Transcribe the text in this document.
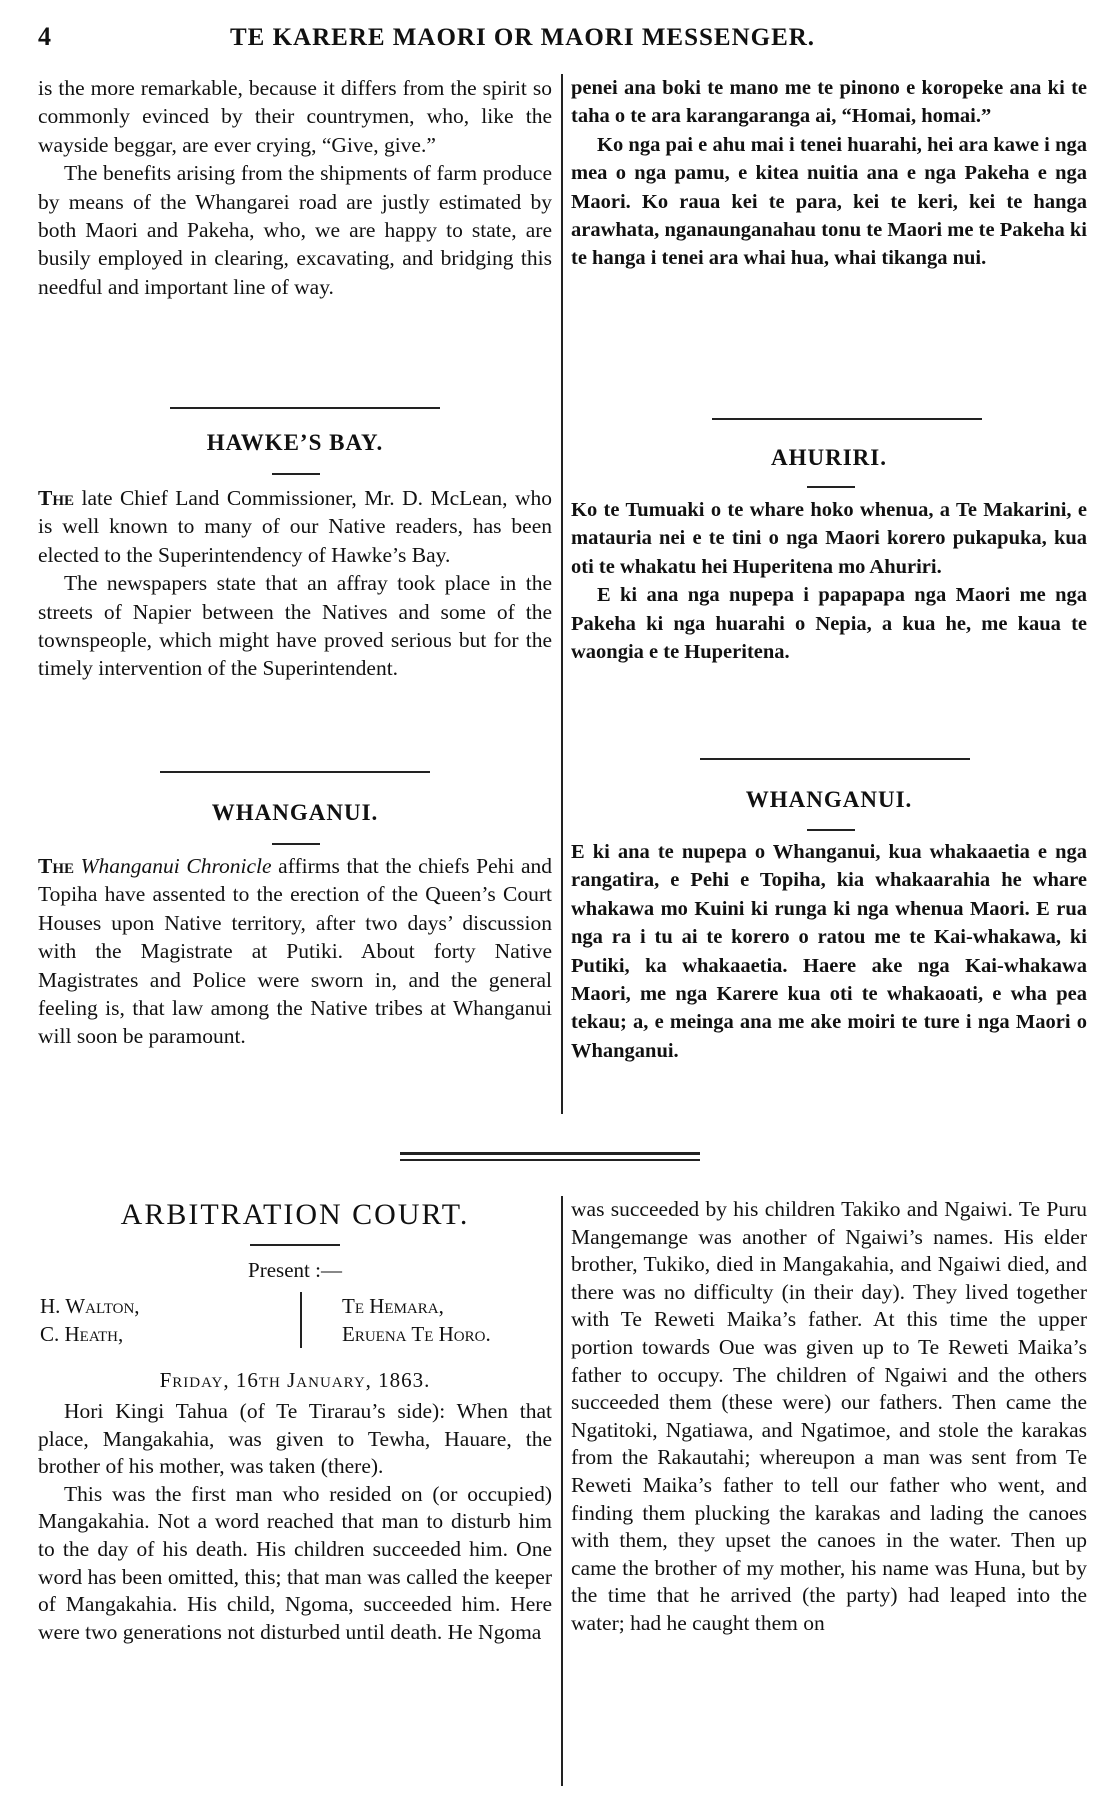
4	TE KARERE MAORI OR MAORI MESSENGER.

is the more remarkable, because it differs from the spirit so commonly evinced by their countrymen, who, like the wayside beggar, are ever crying, “Give, give.”

The benefits arising from the shipments of farm produce by means of the Whangarei road are justly estimated by both Maori and Pakeha, who, we are happy to state, are busily employed in clearing, excavating, and bridging this needful and important line of way.

HAWKE’S BAY.

The late Chief Land Commissioner, Mr. D. McLean, who is well known to many of our Native readers, has been elected to the Superintendency of Hawke’s Bay.

The newspapers state that an affray took place in the streets of Napier between the Natives and some of the townspeople, which might have proved serious but for the timely intervention of the Superintendent.

WHANGANUI.

The Whanganui Chronicle affirms that the chiefs Pehi and Topiha have assented to the erection of the Queen’s Court Houses upon Native territory, after two days’ discussion with the Magistrate at Putiki. About forty Native Magistrates and Police were sworn in, and the general feeling is, that law among the Native tribes at Whanganui will soon be paramount.

penei ana boki te mano me te pinono e koropeke ana ki te taha o te ara karangaranga ai, “Homai, homai.”

Ko nga pai e ahu mai i tenei huarahi, hei ara kawe i nga mea o nga pamu, e kitea nuitia ana e nga Pakeha e nga Maori. Ko raua kei te para, kei te keri, kei te hanga arawhata, nganaunganahau tonu te Maori me te Pakeha ki te hanga i tenei ara whai hua, whai tikanga nui.

AHURIRI.

Ko te Tumuaki o te whare hoko whenua, a Te Makarini, e matauria nei e te tini o nga Maori korero pukapuka, kua oti te whakatu hei Huperitena mo Ahuriri.

E ki ana nga nupepa i papapapa nga Maori me nga Pakeha ki nga huarahi o Nepia, a kua he, me kaua te waongia e te Huperitena.

WHANGANUI.

E ki ana te nupepa o Whanganui, kua whakaaetia e nga rangatira, e Pehi e Topiha, kia whakaarahia he whare whakawa mo Kuini ki runga ki nga whenua Maori. E rua nga ra i tu ai te korero o ratou me te Kai-whakawa, ki Putiki, ka whakaaetia. Haere ake nga Kai-whakawa Maori, me nga Karere kua oti te whakaoati, e wha pea tekau; a, e meinga ana me ake moiri te ture i nga Maori o Whanganui.

ARBITRATION COURT.
Present :—
H. Walton,
C. Heath,
Te Hemara,
Eruena Te Horo.
Friday, 16th January, 1863.

Hori Kingi Tahua (of Te Tirarau’s side): When that place, Mangakahia, was given to Tewha, Hauare, the brother of his mother, was taken (there).

This was the first man who resided on (or occupied) Mangakahia. Not a word reached that man to disturb him to the day of his death. His children succeeded him. One word has been omitted, this; that man was called the keeper of Mangakahia. His child, Ngoma, succeeded him. Here were two generations not disturbed until death. He Ngoma

was succeeded by his children Takiko and Ngaiwi. Te Puru Mangemange was another of Ngaiwi’s names. His elder brother, Tukiko, died in Mangakahia, and Ngaiwi died, and there was no difficulty (in their day). They lived together with Te Reweti Maika’s father. At this time the upper portion towards Oue was given up to Te Reweti Maika’s father to occupy. The children of Ngaiwi and the others succeeded them (these were) our fathers. Then came the Ngatitoki, Ngatiawa, and Ngatimoe, and stole the karakas from the Rakautahi; whereupon a man was sent from Te Reweti Maika’s father to tell our father who went, and finding them plucking the karakas and lading the canoes with them, they upset the canoes in the water. Then up came the brother of my mother, his name was Huna, but by the time that he arrived (the party) had leaped into the water; had he caught them on
